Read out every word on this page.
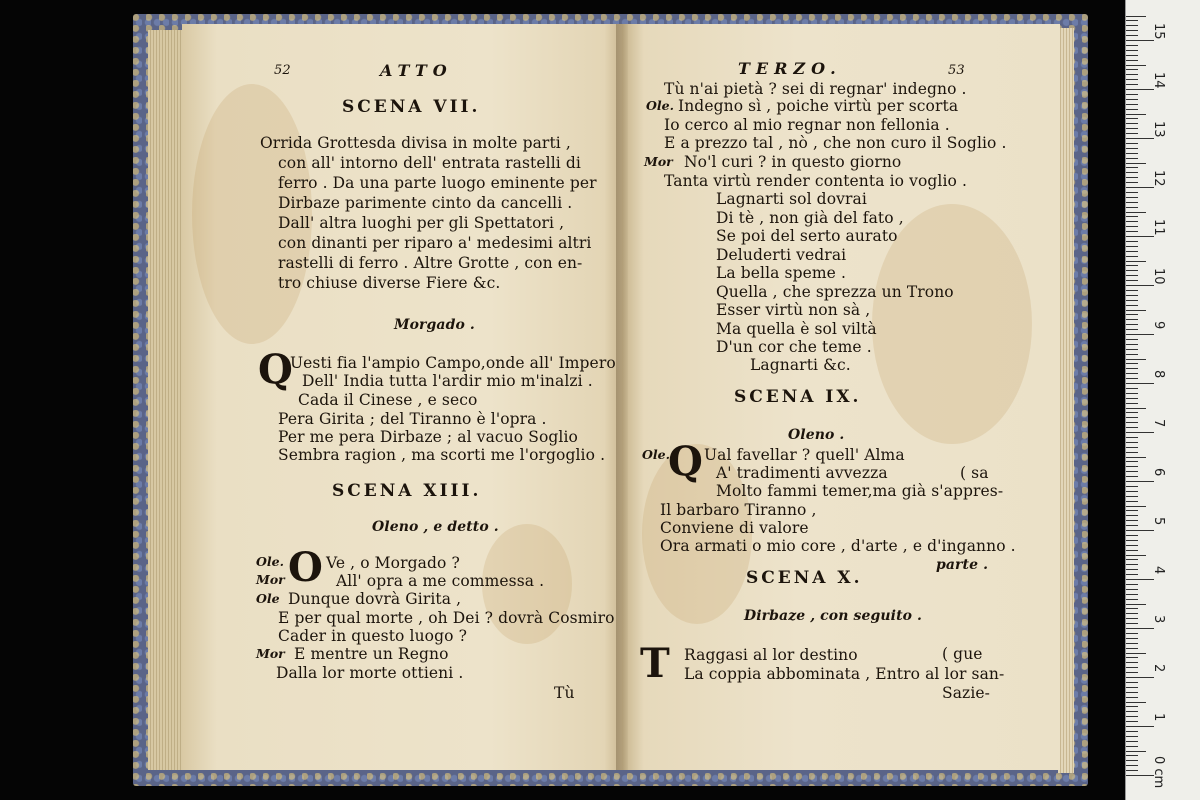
52	ATTO
SCENA VII.
Orrida Grottesda divisa in molte parti ,
con all' intorno dell' entrata rastelli di
ferro . Da una parte luogo eminente per
Dirbaze parimente cinto da cancelli .
Dall' altra luoghi per gli Spettatori ,
con dinanti per riparo a' medesimi altri
rastelli di ferro . Altre Grotte , con en-
tro chiuse diverse Fiere &c.
Morgado .
Q
Uesti fia l'ampio Campo,onde all' Impero
Dell' India tutta l'ardir mio m'inalzi .
Cada il Cinese , e seco
Pera Girita ; del Tiranno è l'opra .
Per me pera Dirbaze ; al vacuo Soglio
Sembra ragion , ma scorti me l'orgoglio .
SCENA XIII.
Oleno , e detto .
Ole. O Ve , o Morgado ?
Mor	All' opra a me commessa .
Ole Dunque dovrà Girita ,
E per qual morte , oh Dei ? dovrà Cosmiro
Cader in questo luogo ?
Mor E mentre un Regno
Dalla lor morte ottieni .
Tù
TERZO.	53
Tù n'ai pietà ? sei di regnar' indegno .
Ole. Indegno sì , poiche virtù per scorta
Io cerco al mio regnar non fellonia .
E a prezzo tal , nò , che non curo il Soglio .
Mor No'l curi ? in questo giorno
Tanta virtù render contenta io voglio .
Lagnarti sol dovrai
Di tè , non già del fato ,
Se poi del serto aurato
Deluderti vedrai
La bella speme .
Quella , che sprezza un Trono
Esser virtù non sà ,
Ma quella è sol viltà
D'un cor che teme .
Lagnarti &c.
SCENA IX.
Oleno .
Ole.
Q Ual favellar ? quell' Alma
A' tradimenti avvezza	( sa
Molto fammi temer,ma già s'appres-
Il barbaro Tiranno ,
Conviene di valore
Ora armati o mio core , d'arte , e d'inganno .
parte .
SCENA X.
Dirbaze , con seguito .
T Raggasi al lor destino	( gue
La coppia abbominata , Entro al lor san-
Sazie-
0 cm
1
2
3
4
5
6
7
8
9
10
11
12
13
14
15
